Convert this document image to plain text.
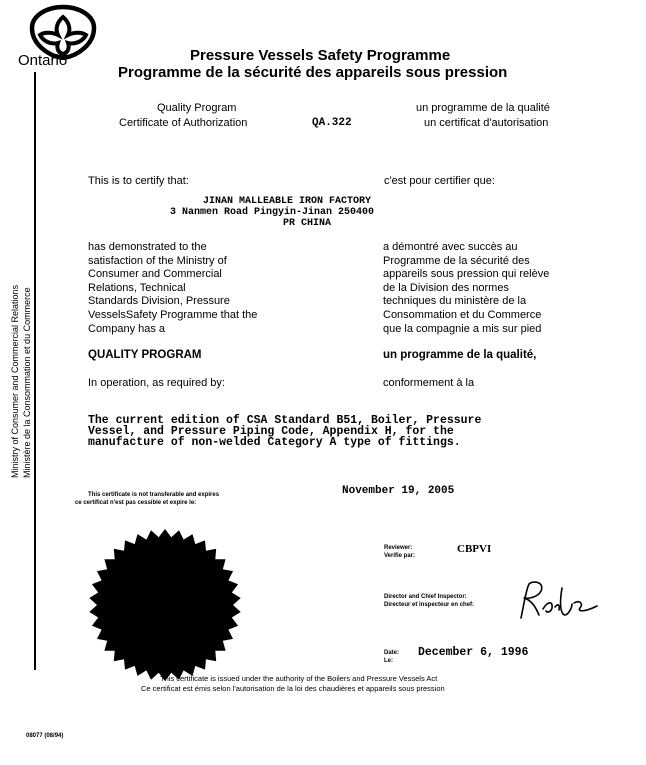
Ontario
Ministry of Consumer and Commercial Relations Ministère de la Consommation et du Commerce
Pressure Vessels Safety Programme
Programme de la sécurité des appareils sous pression
Quality Program
Certificate of Authorization	QA.322
un programme de la qualité
un certificat d'autorisation
This is to certify that:	c'est pour certifier que:
JINAN MALLEABLE IRON FACTORY
3 Nanmen Road Pingyin-Jinan 250400
PR CHINA
has demonstrated to the
satisfaction of the Ministry of
Consumer and Commercial
Relations, Technical
Standards Division, Pressure
VesselsSafety Programme that the
Company has a
a démontré avec succès au
Programme de la sécurité des
appareils sous pression qui relève
de la Division des normes
techniques du ministère de la
Consommation et du Commerce
que la compagnie a mis sur pied
QUALITY PROGRAM	un programme de la qualité,
In operation, as required by:	conformement à la
The current edition of CSA Standard B51, Boiler, Pressure
Vessel, and Pressure Piping Code, Appendix H, for the
manufacture of non-welded Category A type of fittings.
November 19, 2005
This certificate is not transferable and expires
ce certificat n'est pas cessible et expire le:
Reviewer:
Verifie par:
CBPVI
Director and Chief Inspector:
Directeur et inspecteur en chef:
Date:
Le:
December 6, 1996
This certificate is issued under the authority of the Boilers and Pressure Vessels Act
Ce certificat est émis selon l'autorisation de la loi des chaudières et appareils sous pression
08077 (08/94)
